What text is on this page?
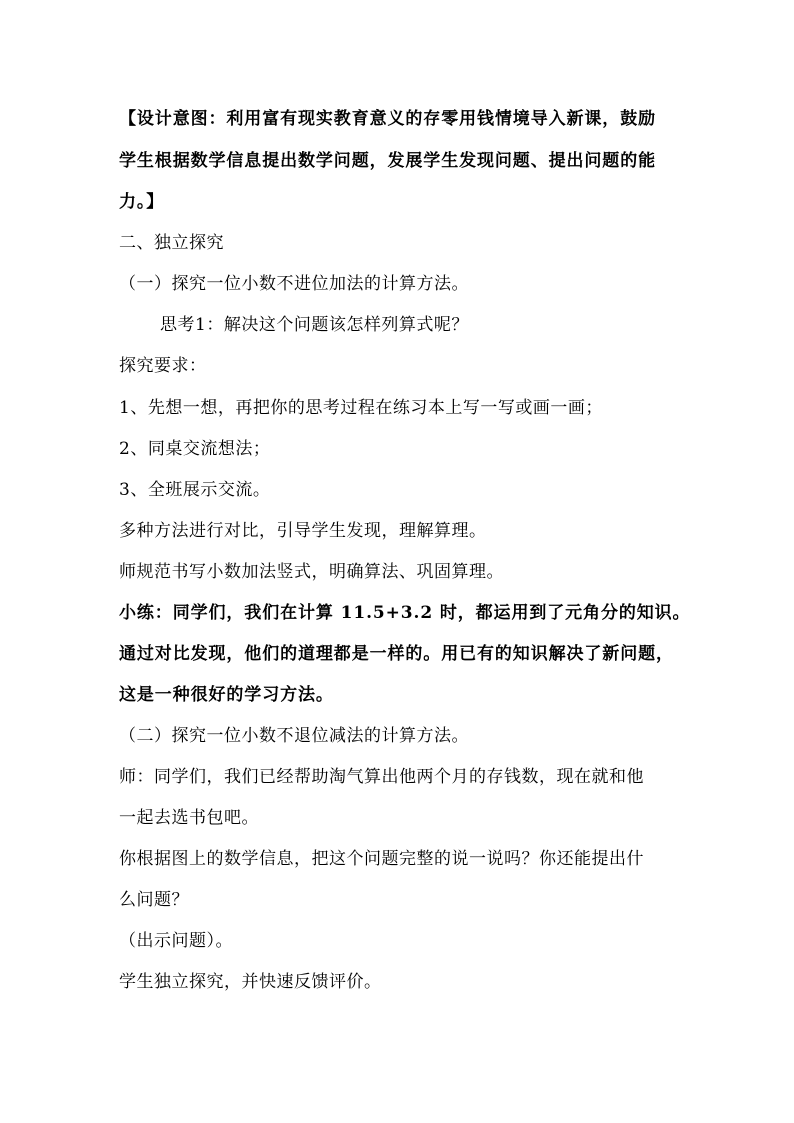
【设计意图：利用富有现实教育意义的存零用钱情境导入新课，鼓励
学生根据数学信息提出数学问题，发展学生发现问题、提出问题的能
力。】
二、独立探究
（一）探究一位小数不进位加法的计算方法。
思考1：解决这个问题该怎样列算式呢？
探究要求：
1、先想一想，再把你的思考过程在练习本上写一写或画一画；
2、同桌交流想法；
3、全班展示交流。
多种方法进行对比，引导学生发现，理解算理。
师规范书写小数加法竖式，明确算法、巩固算理。
小练：同学们，我们在计算 11.5+3.2 时，都运用到了元角分的知识。
通过对比发现，他们的道理都是一样的。用已有的知识解决了新问题，
这是一种很好的学习方法。
（二）探究一位小数不退位减法的计算方法。
师：同学们，我们已经帮助淘气算出他两个月的存钱数，现在就和他
一起去选书包吧。
你根据图上的数学信息，把这个问题完整的说一说吗？你还能提出什
么问题？
（出示问题）。
学生独立探究，并快速反馈评价。
